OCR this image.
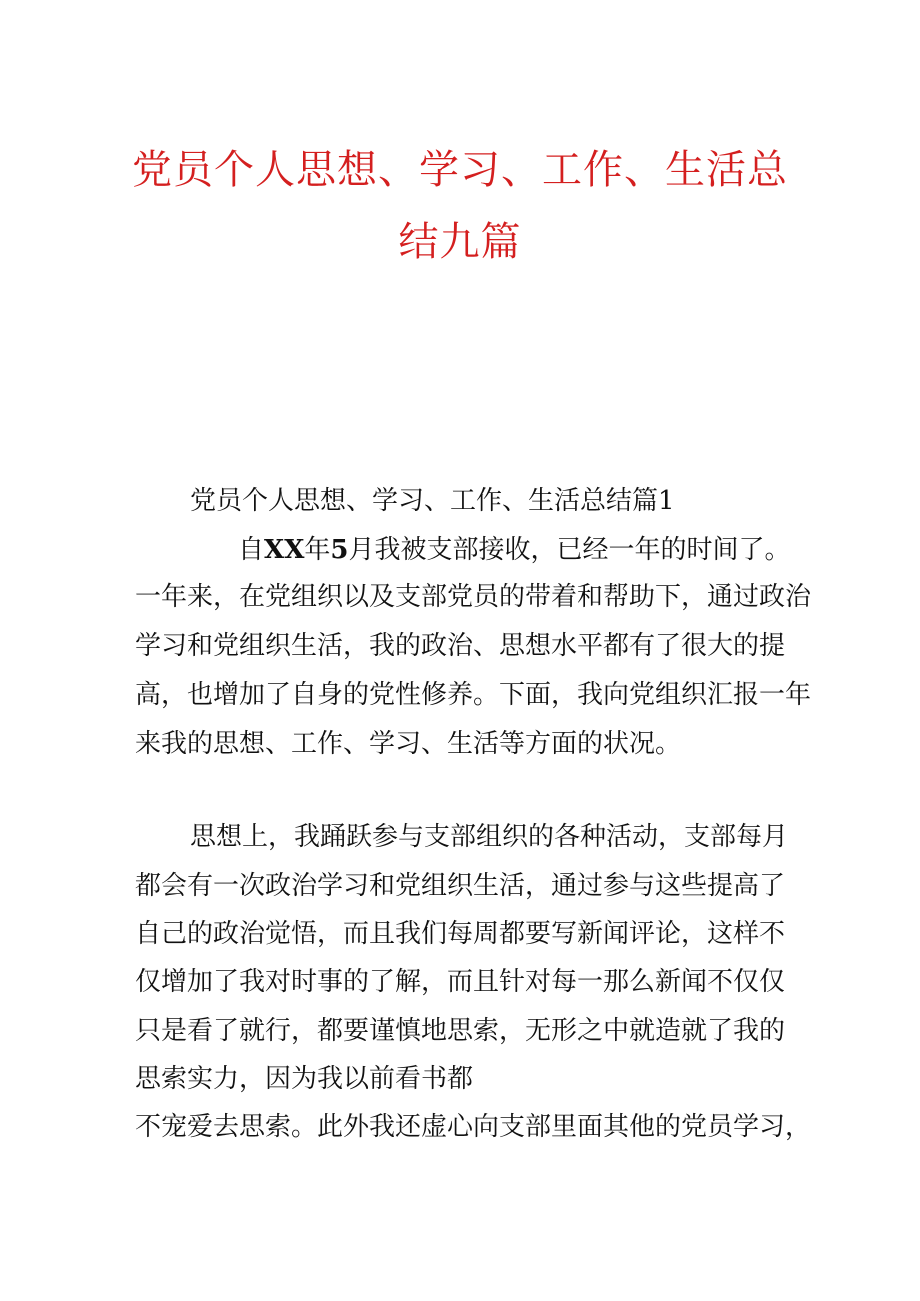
党员个人思想、学习、工作、生活总
结九篇
党员个人思想、学习、工作、生活总结篇1
自XX年5月我被支部接收，已经一年的时间了。
一年来，在党组织以及支部党员的带着和帮助下，通过政治
学习和党组织生活，我的政治、思想水平都有了很大的提
高，也增加了自身的党性修养。下面，我向党组织汇报一年
来我的思想、工作、学习、生活等方面的状况。
思想上，我踊跃参与支部组织的各种活动，支部每月
都会有一次政治学习和党组织生活，通过参与这些提高了
自己的政治觉悟，而且我们每周都要写新闻评论，这样不
仅增加了我对时事的了解，而且针对每一那么新闻不仅仅
只是看了就行，都要谨慎地思索，无形之中就造就了我的
思索实力，因为我以前看书都
不宠爱去思索。此外我还虚心向支部里面其他的党员学习，
